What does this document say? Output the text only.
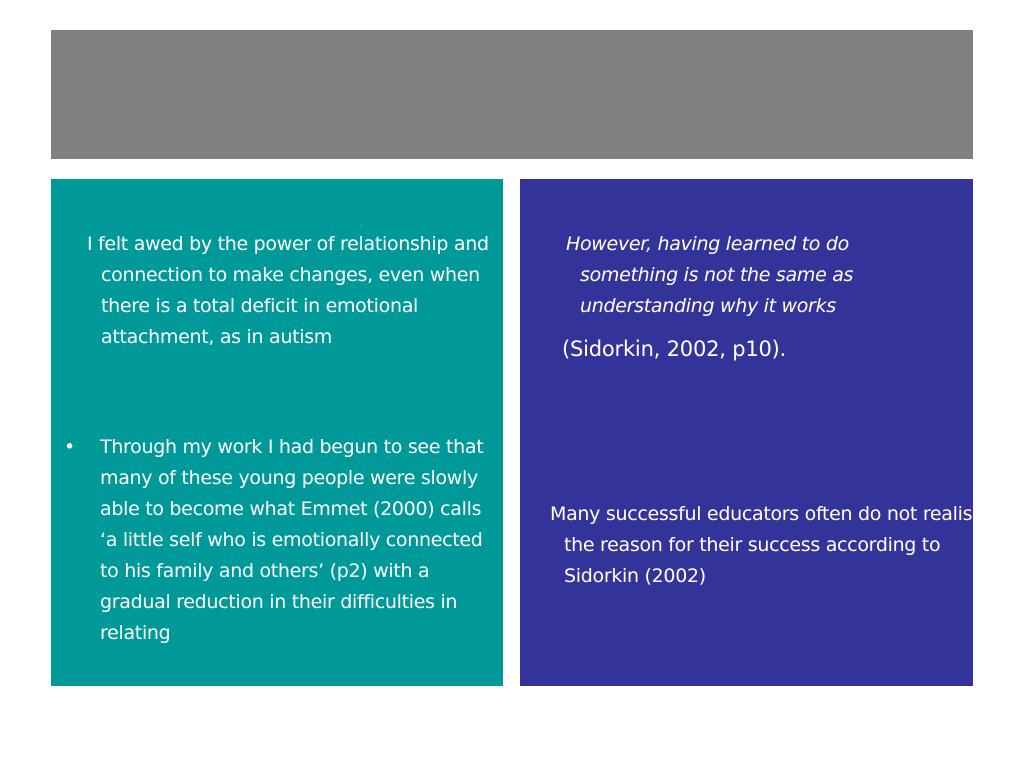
I felt awed by the power of relationship and connection to make changes, even when there is a total deficit in emotional attachment, as in autism
•	Through my work I had begun to see that many of these young people were slowly able to become what Emmet (2000) calls ‘a little self who is emotionally connected to his family and others’ (p2) with a gradual reduction in their difficulties in relating
However, having learned to do something is not the same as understanding why it works
(Sidorkin, 2002, p10).
Many successful educators often do not realise the reason for their success according to Sidorkin (2002)
